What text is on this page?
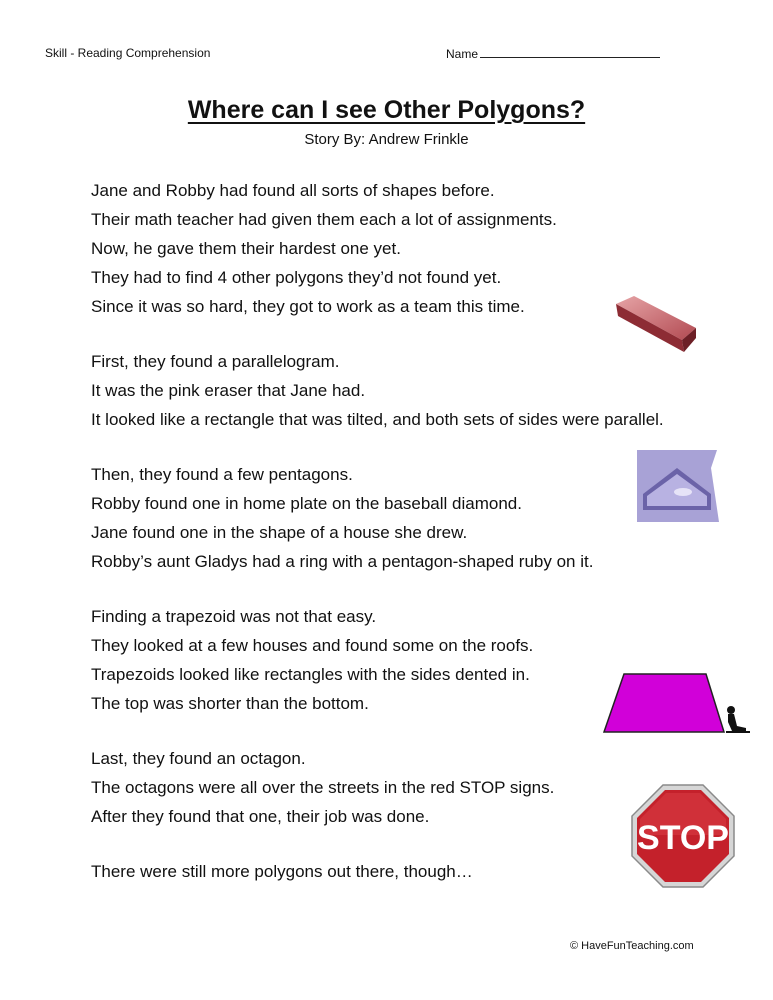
Skill - Reading Comprehension	Name
Where can I see Other Polygons?
Story By: Andrew Frinkle
Jane and Robby had found all sorts of shapes before.
Their math teacher had given them each a lot of assignments.
Now, he gave them their hardest one yet.
They had to find 4 other polygons they’d not found yet.
Since it was so hard, they got to work as a team this time.
First, they found a parallelogram.
It was the pink eraser that Jane had.
It looked like a rectangle that was tilted, and both sets of sides were parallel.
Then, they found a few pentagons.
Robby found one in home plate on the baseball diamond.
Jane found one in the shape of a house she drew.
Robby’s aunt Gladys had a ring with a pentagon-shaped ruby on it.
Finding a trapezoid was not that easy.
They looked at a few houses and found some on the roofs.
Trapezoids looked like rectangles with the sides dented in.
The top was shorter than the bottom.
Last, they found an octagon.
The octagons were all over the streets in the red STOP signs.
After they found that one, their job was done.
There were still more polygons out there, though…
STOP
© HaveFunTeaching.com
